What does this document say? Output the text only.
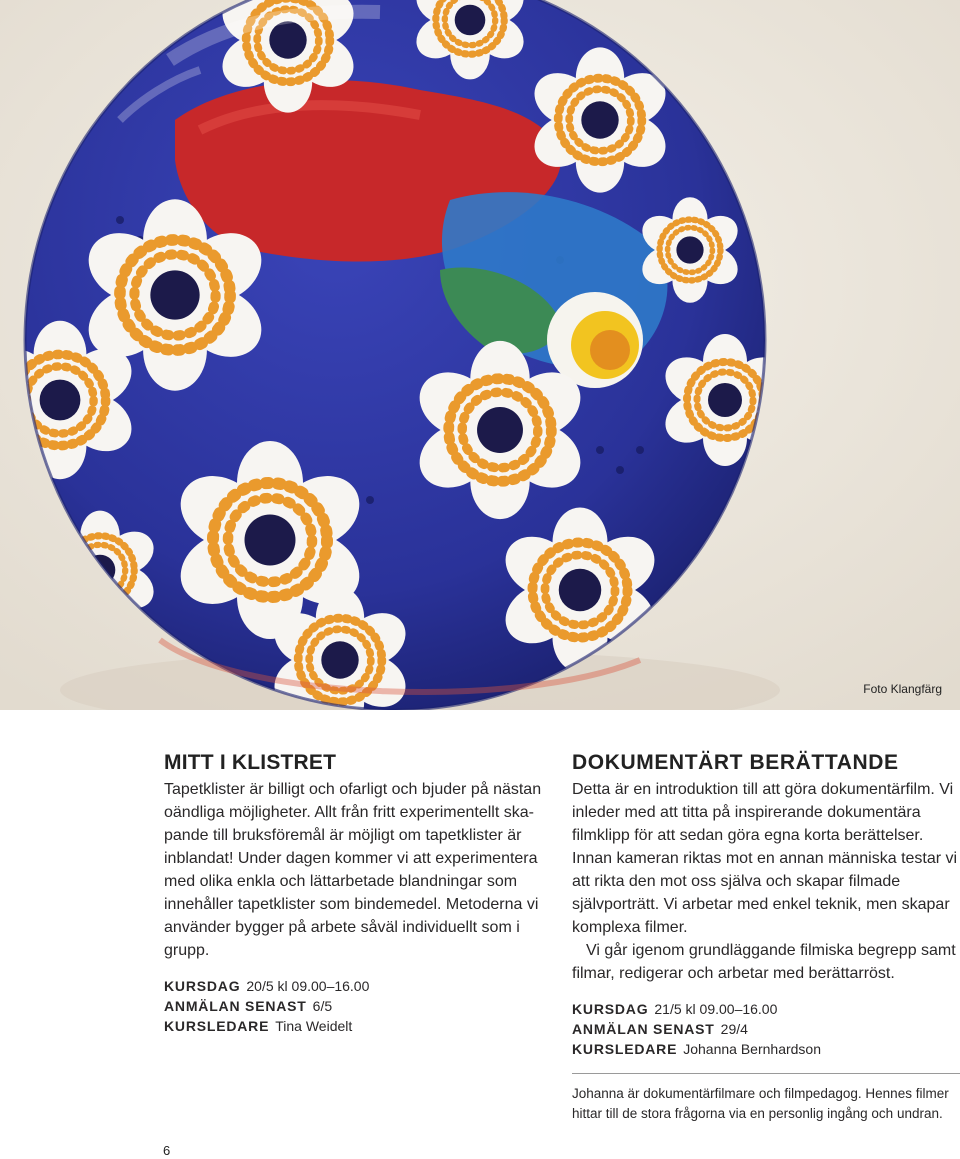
Foto Klangfärg
MITT I KLISTRET

Tapetklister är billigt och ofarligt och bjuder på nästan oändliga möjligheter. Allt från fritt experimentellt ska- pande till bruksföremål är möjligt om tapetklister är inblandat! Under dagen kommer vi att experimentera med olika enkla och lättarbetade blandningar som innehåller tapetklister som bindemedel. Metoderna vi använder bygger på arbete såväl individuellt som i grupp.

KURSDAG 20/5 kl 09.00–16.00
ANMÄLAN SENAST 6/5
KURSLEDARE Tina Weidelt
DOKUMENTÄRT BERÄTTANDE

Detta är en introduktion till att göra dokumentärfilm. Vi inleder med att titta på inspirerande dokumentära filmklipp för att sedan göra egna korta berättelser. Innan kameran riktas mot en annan människa testar vi att rikta den mot oss själva och skapar filmade självporträtt. Vi arbetar med enkel teknik, men skapar komplexa filmer.

Vi går igenom grundläggande filmiska begrepp samt filmar, redigerar och arbetar med berättarröst.

KURSDAG 21/5 kl 09.00–16.00
ANMÄLAN SENAST 29/4
KURSLEDARE Johanna Bernhardson
Johanna är dokumentärfilmare och filmpedagog. Hennes filmer hittar till de stora frågorna via en personlig ingång och undran.
6
